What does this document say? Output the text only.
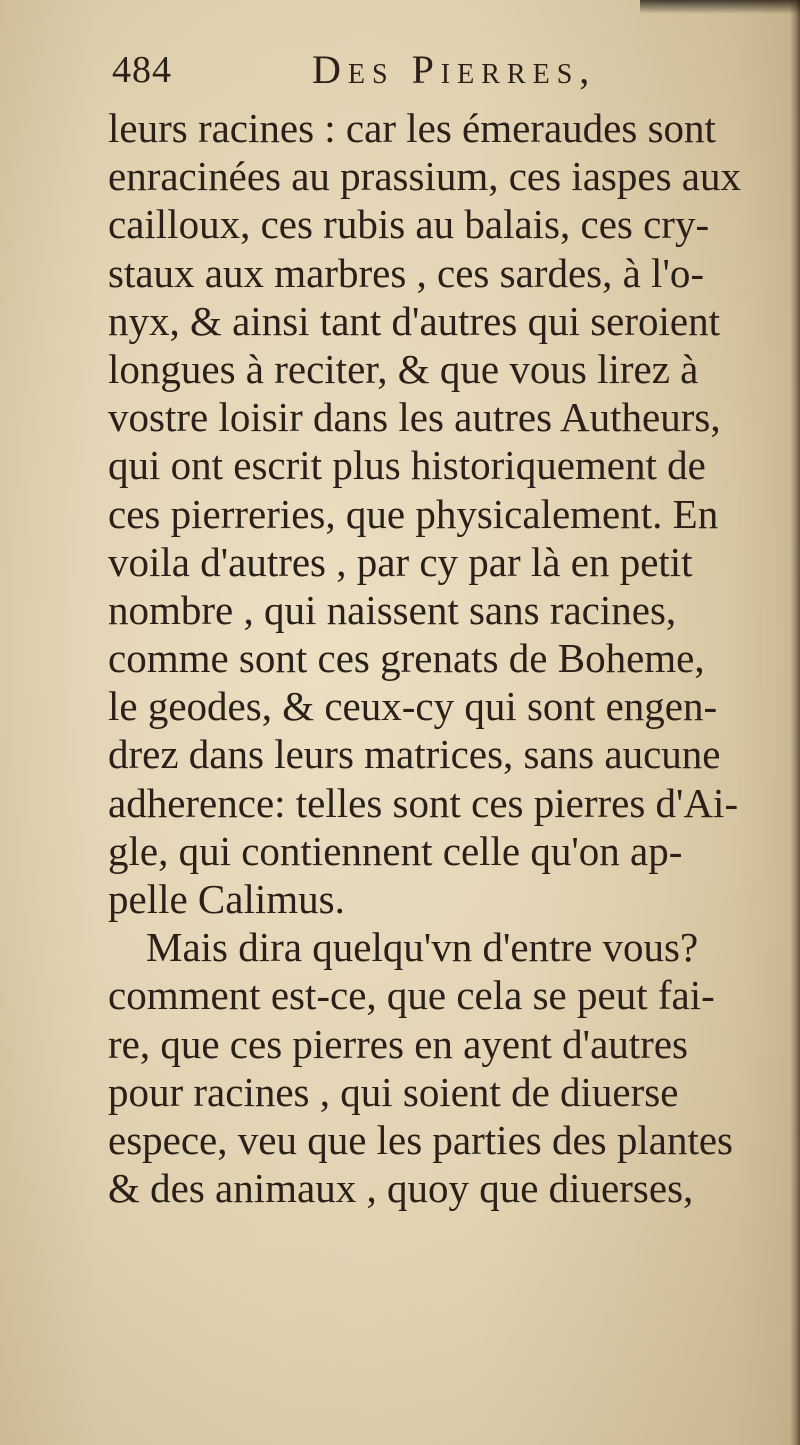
484	Des Pierres,
leurs racines : car les émeraudes sont
enracinées au prassium, ces iaspes aux
cailloux, ces rubis au balais, ces cry-
staux aux marbres , ces sardes, à l'o-
nyx, & ainsi tant d'autres qui seroient
longues à reciter, & que vous lirez à
vostre loisir dans les autres Autheurs,
qui ont escrit plus historiquement de
ces pierreries, que physicalement. En
voila d'autres , par cy par là en petit
nombre , qui naissent sans racines,
comme sont ces grenats de Boheme,
le geodes, & ceux-cy qui sont engen-
drez dans leurs matrices, sans aucune
adherence: telles sont ces pierres d'Ai-
gle, qui contiennent celle qu'on ap-
pelle Calimus.
Mais dira quelqu'vn d'entre vous?
comment est-ce, que cela se peut fai-
re, que ces pierres en ayent d'autres
pour racines , qui soient de diuerse
espece, veu que les parties des plantes
& des animaux , quoy que diuerses,
